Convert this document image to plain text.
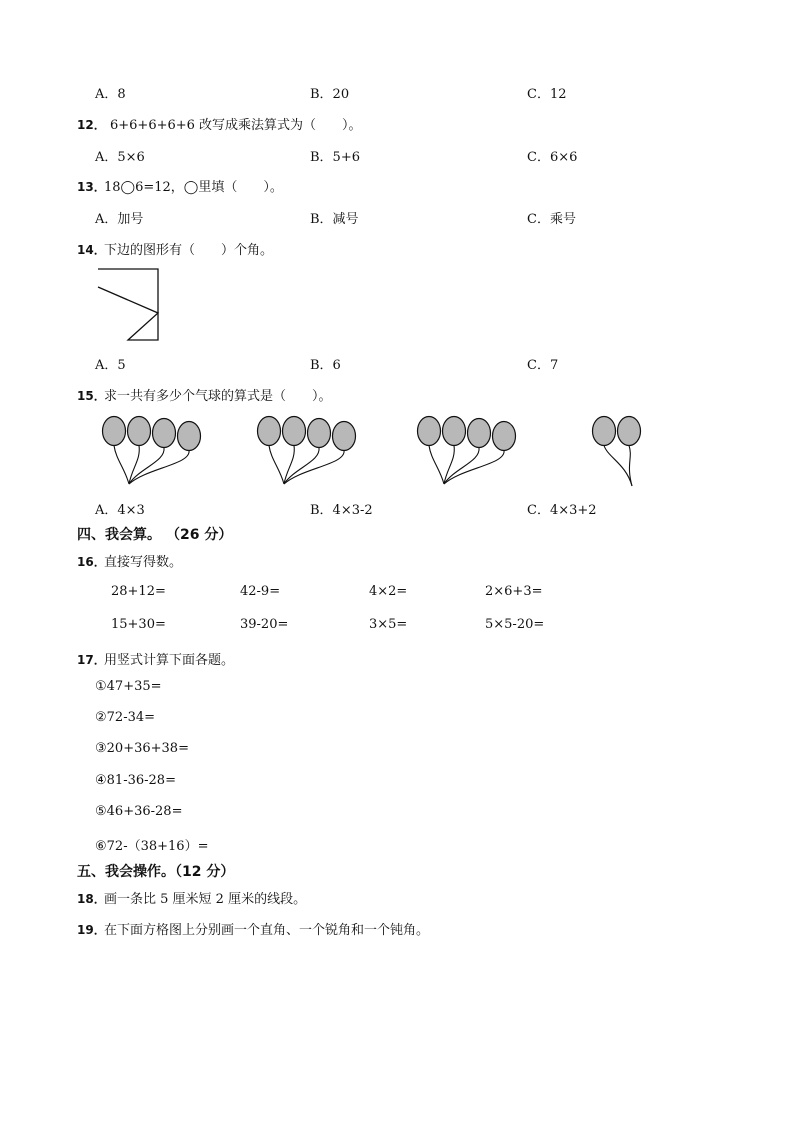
A．8	B．20	C．12
12． 6+6+6+6+6 改写成乘法算式为（　　）。
A．5×6	B．5+6	C．6×6
13．
18◯6=12，◯里填（　　）。
A．加号	B．减号	C．乘号
14．
下边的图形有（　　）个角。
A．5	B．6	C．7
15．
求一共有多少个气球的算式是（　　）。
A．4×3	B．4×3-2	C．4×3+2
四、我会算。 （26 分）
16．
直接写得数。
28+12=	42-9=	4×2=	2×6+3=
15+30=	39-20=	3×5=	5×5-20=
17．
用竖式计算下面各题。
①47+35=
②72-34=
③20+36+38=
④81-36-28=
⑤46+36-28=
⑥72-（38+16）=
五、我会操作。（12 分）
18．
画一条比 5 厘米短 2 厘米的线段。
19．
在下面方格图上分别画一个直角、一个锐角和一个钝角。
